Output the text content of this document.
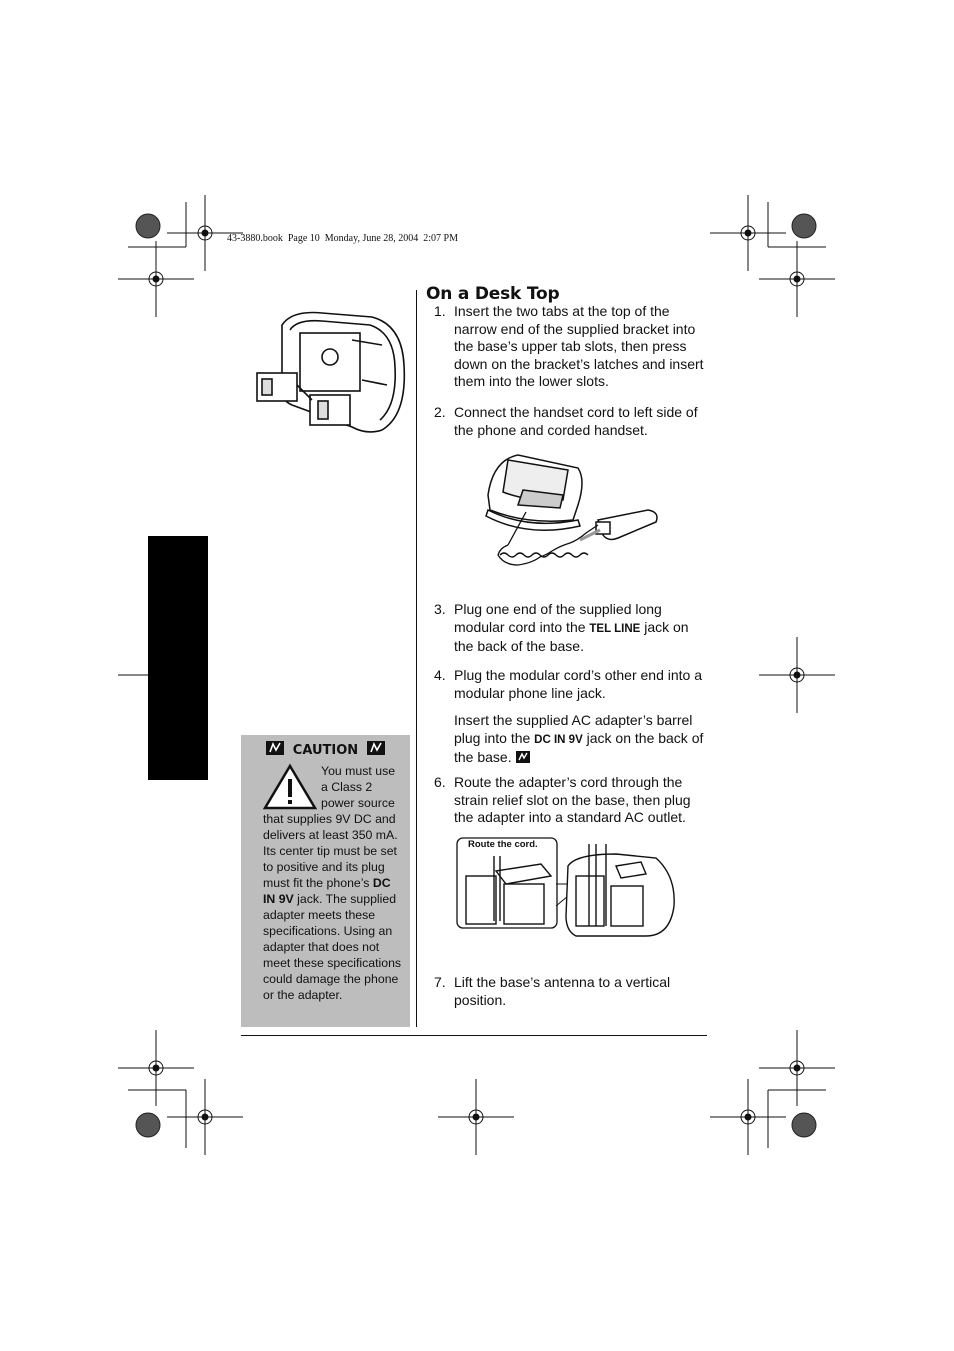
43-3880.book  Page 10  Monday, June 28, 2004  2:07 PM
On a Desk Top
1. Insert the two tabs at the top of the narrow end of the supplied bracket into the base’s upper tab slots, then press down on the bracket’s latches and insert them into the lower slots.
2. Connect the handset cord to left side of the phone and corded handset.
3. Plug one end of the supplied long modular cord into the TEL LINE jack on the back of the base.
4. Plug the modular cord’s other end into a modular phone line jack.
Insert the supplied AC adapter’s barrel plug into the DC IN 9V jack on the back of the base.
6. Route the adapter’s cord through the strain relief slot on the base, then plug the adapter into a standard AC outlet.
Route the cord.
7. Lift the base’s antenna to a vertical position.
CAUTION
You must use a Class 2 power source that supplies 9V DC and delivers at least 350 mA. Its center tip must be set to positive and its plug must fit the phone’s DC IN 9V jack. The supplied adapter meets these specifications. Using an adapter that does not meet these specifications could damage the phone or the adapter.
